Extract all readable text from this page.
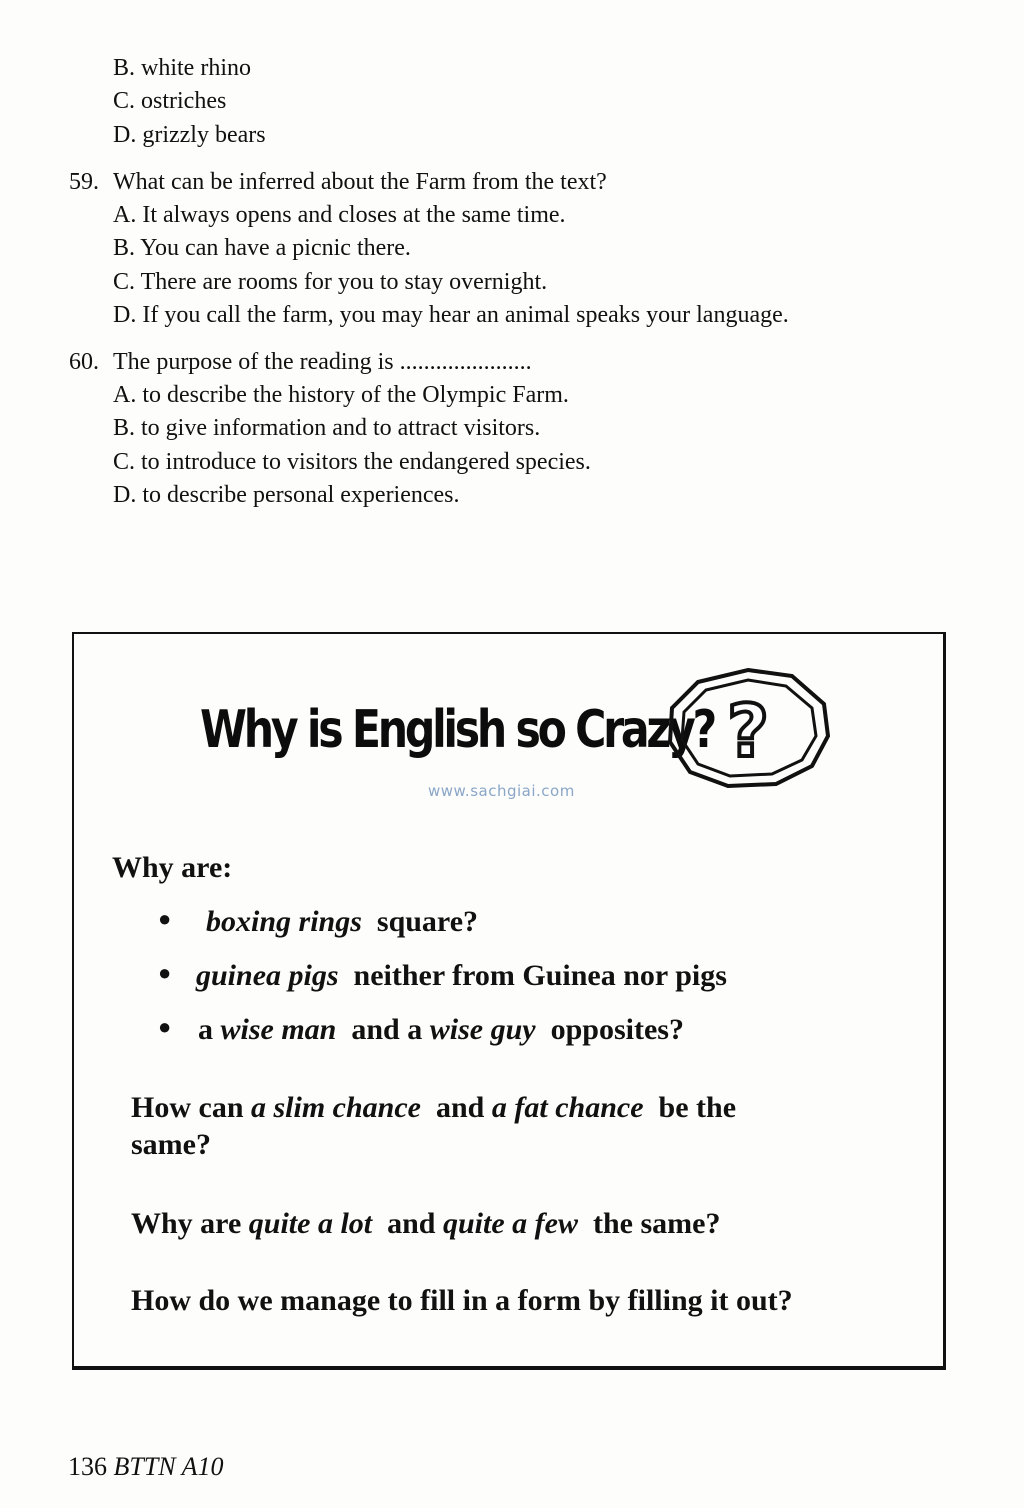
B. white rhino
C. ostriches
D. grizzly bears
59. What can be inferred about the Farm from the text?
A. It always opens and closes at the same time.
B. You can have a picnic there.
C. There are rooms for you to stay overnight.
D. If you call the farm, you may hear an animal speaks your language.
60. The purpose of the reading is ......................
A. to describe the history of the Olympic Farm.
B. to give information and to attract visitors.
C. to introduce to visitors the endangered species.
D. to describe personal experiences.
Why is English so Crazy? ?
www.sachgiai.com
Why are:
● boxing rings square?
● guinea pigs neither from Guinea nor pigs
● a wise man and a wise guy opposites?
How can a slim chance and a fat chance be the
same?
Why are quite a lot and quite a few the same?
How do we manage to fill in a form by filling it out?
136 BTTN A10
